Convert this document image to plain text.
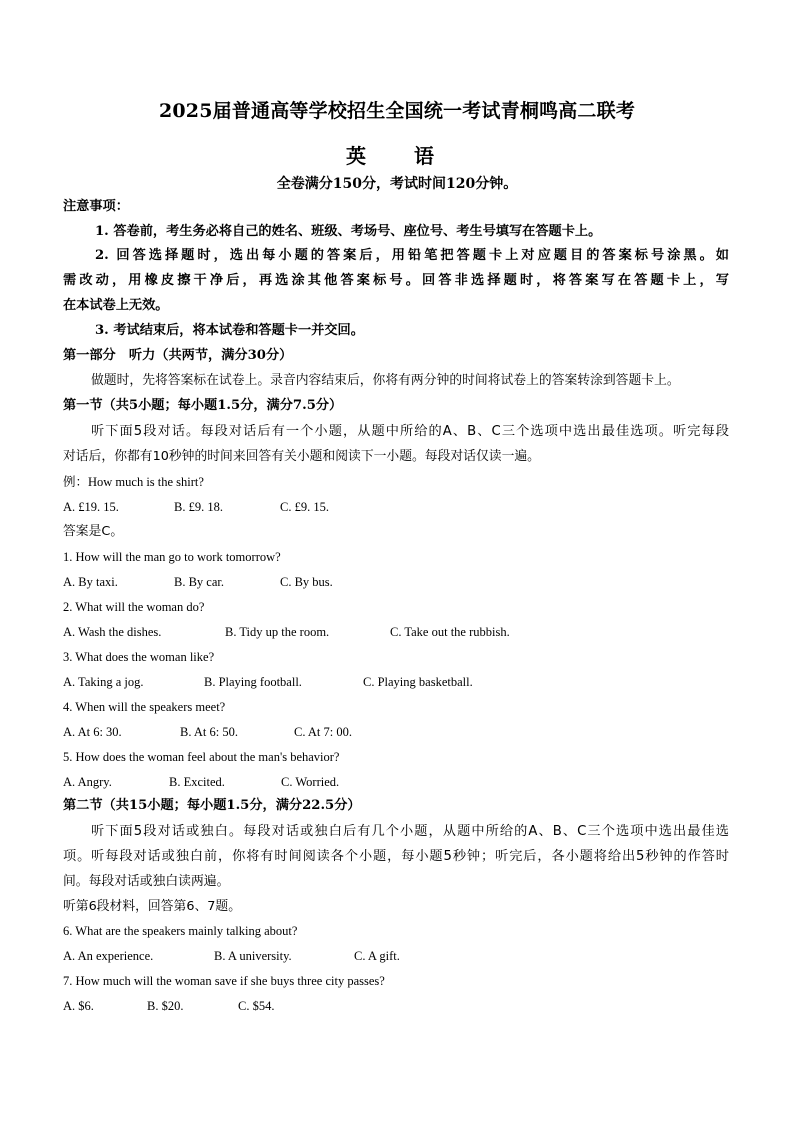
2025届普通高等学校招生全国统一考试青桐鸣高二联考
英　语
全卷满分150分，考试时间120分钟。
注意事项：
1. 答卷前，考生务必将自己的姓名、班级、考场号、座位号、考生号填写在答题卡上。
2. 回答选择题时，选出每小题的答案后，用铅笔把答题卡上对应题目的答案标号涂黑。如
需改动，用橡皮擦干净后，再选涂其他答案标号。回答非选择题时，将答案写在答题卡上，写
在本试卷上无效。
3. 考试结束后，将本试卷和答题卡一并交回。
第一部分　听力（共两节，满分30分）
做题时，先将答案标在试卷上。录音内容结束后，你将有两分钟的时间将试卷上的答案转涂到答题卡上。
第一节（共5小题；每小题1.5分，满分7.5分）
听下面5段对话。每段对话后有一个小题，从题中所给的A、B、C三个选项中选出最佳选项。听完每段
对话后，你都有10秒钟的时间来回答有关小题和阅读下一小题。每段对话仅读一遍。
例：How much is the shirt?
A. £19. 15.	B. £9. 18.	C. £9. 15.
答案是C。
1. How will the man go to work tomorrow?
A. By taxi.	B. By car.	C. By bus.
2. What will the woman do?
A. Wash the dishes.	B. Tidy up the room.	C. Take out the rubbish.
3. What does the woman like?
A. Taking a jog.	B. Playing football.	C. Playing basketball.
4. When will the speakers meet?
A. At 6: 30.	B. At 6: 50.	C. At 7: 00.
5. How does the woman feel about the man's behavior?
A. Angry.	B. Excited.	C. Worried.
第二节（共15小题；每小题1.5分，满分22.5分）
听下面5段对话或独白。每段对话或独白后有几个小题，从题中所给的A、B、C三个选项中选出最佳选
项。听每段对话或独白前，你将有时间阅读各个小题，每小题5秒钟；听完后，各小题将给出5秒钟的作答时
间。每段对话或独白读两遍。
听第6段材料，回答第6、7题。
6. What are the speakers mainly talking about?
A. An experience.	B. A university.	C. A gift.
7. How much will the woman save if she buys three city passes?
A. $6.	B. $20.	C. $54.
